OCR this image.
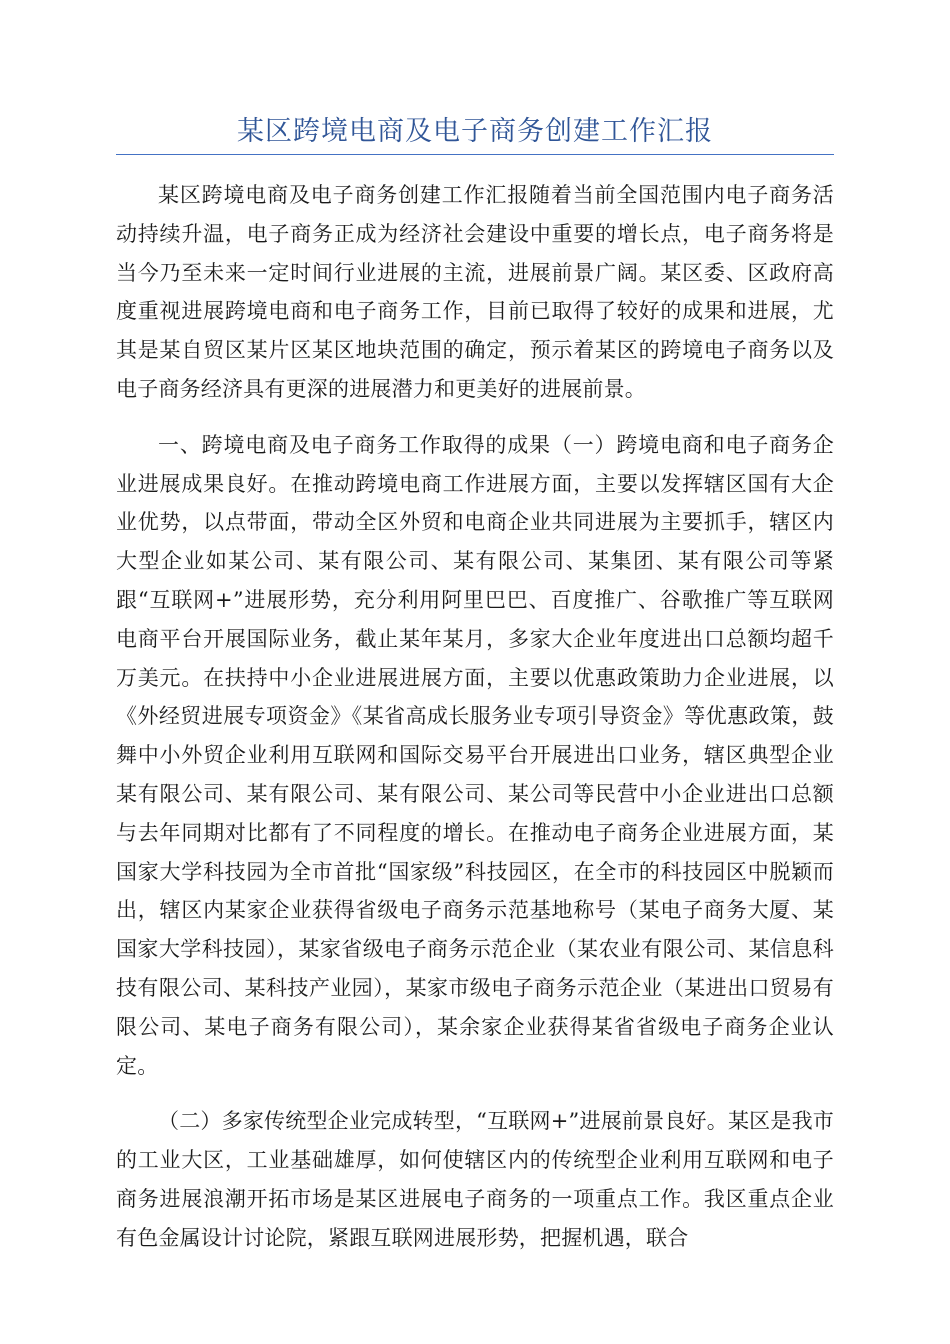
某区跨境电商及电子商务创建工作汇报

某区跨境电商及电子商务创建工作汇报随着当前全国范围内电子商务活动持续升温，电子商务正成为经济社会建设中重要的增长点，电子商务将是当今乃至未来一定时间行业进展的主流，进展前景广阔。某区委、区政府高度重视进展跨境电商和电子商务工作，目前已取得了较好的成果和进展，尤其是某自贸区某片区某区地块范围的确定，预示着某区的跨境电子商务以及电子商务经济具有更深的进展潜力和更美好的进展前景。

一、跨境电商及电子商务工作取得的成果（一）跨境电商和电子商务企业进展成果良好。在推动跨境电商工作进展方面，主要以发挥辖区国有大企业优势，以点带面，带动全区外贸和电商企业共同进展为主要抓手，辖区内大型企业如某公司、某有限公司、某有限公司、某集团、某有限公司等紧跟“互联网+”进展形势，充分利用阿里巴巴、百度推广、谷歌推广等互联网电商平台开展国际业务，截止某年某月，多家大企业年度进出口总额均超千万美元。在扶持中小企业进展进展方面，主要以优惠政策助力企业进展，以《外经贸进展专项资金》《某省高成长服务业专项引导资金》等优惠政策，鼓舞中小外贸企业利用互联网和国际交易平台开展进出口业务，辖区典型企业某有限公司、某有限公司、某有限公司、某公司等民营中小企业进出口总额与去年同期对比都有了不同程度的增长。在推动电子商务企业进展方面，某国家大学科技园为全市首批“国家级”科技园区，在全市的科技园区中脱颖而出，辖区内某家企业获得省级电子商务示范基地称号（某电子商务大厦、某国家大学科技园），某家省级电子商务示范企业（某农业有限公司、某信息科技有限公司、某科技产业园），某家市级电子商务示范企业（某进出口贸易有限公司、某电子商务有限公司），某余家企业获得某省省级电子商务企业认定。

（二）多家传统型企业完成转型，“互联网+”进展前景良好。某区是我市的工业大区，工业基础雄厚，如何使辖区内的传统型企业利用互联网和电子商务进展浪潮开拓市场是某区进展电子商务的一项重点工作。我区重点企业有色金属设计讨论院，紧跟互联网进展形势，把握机遇，联合
